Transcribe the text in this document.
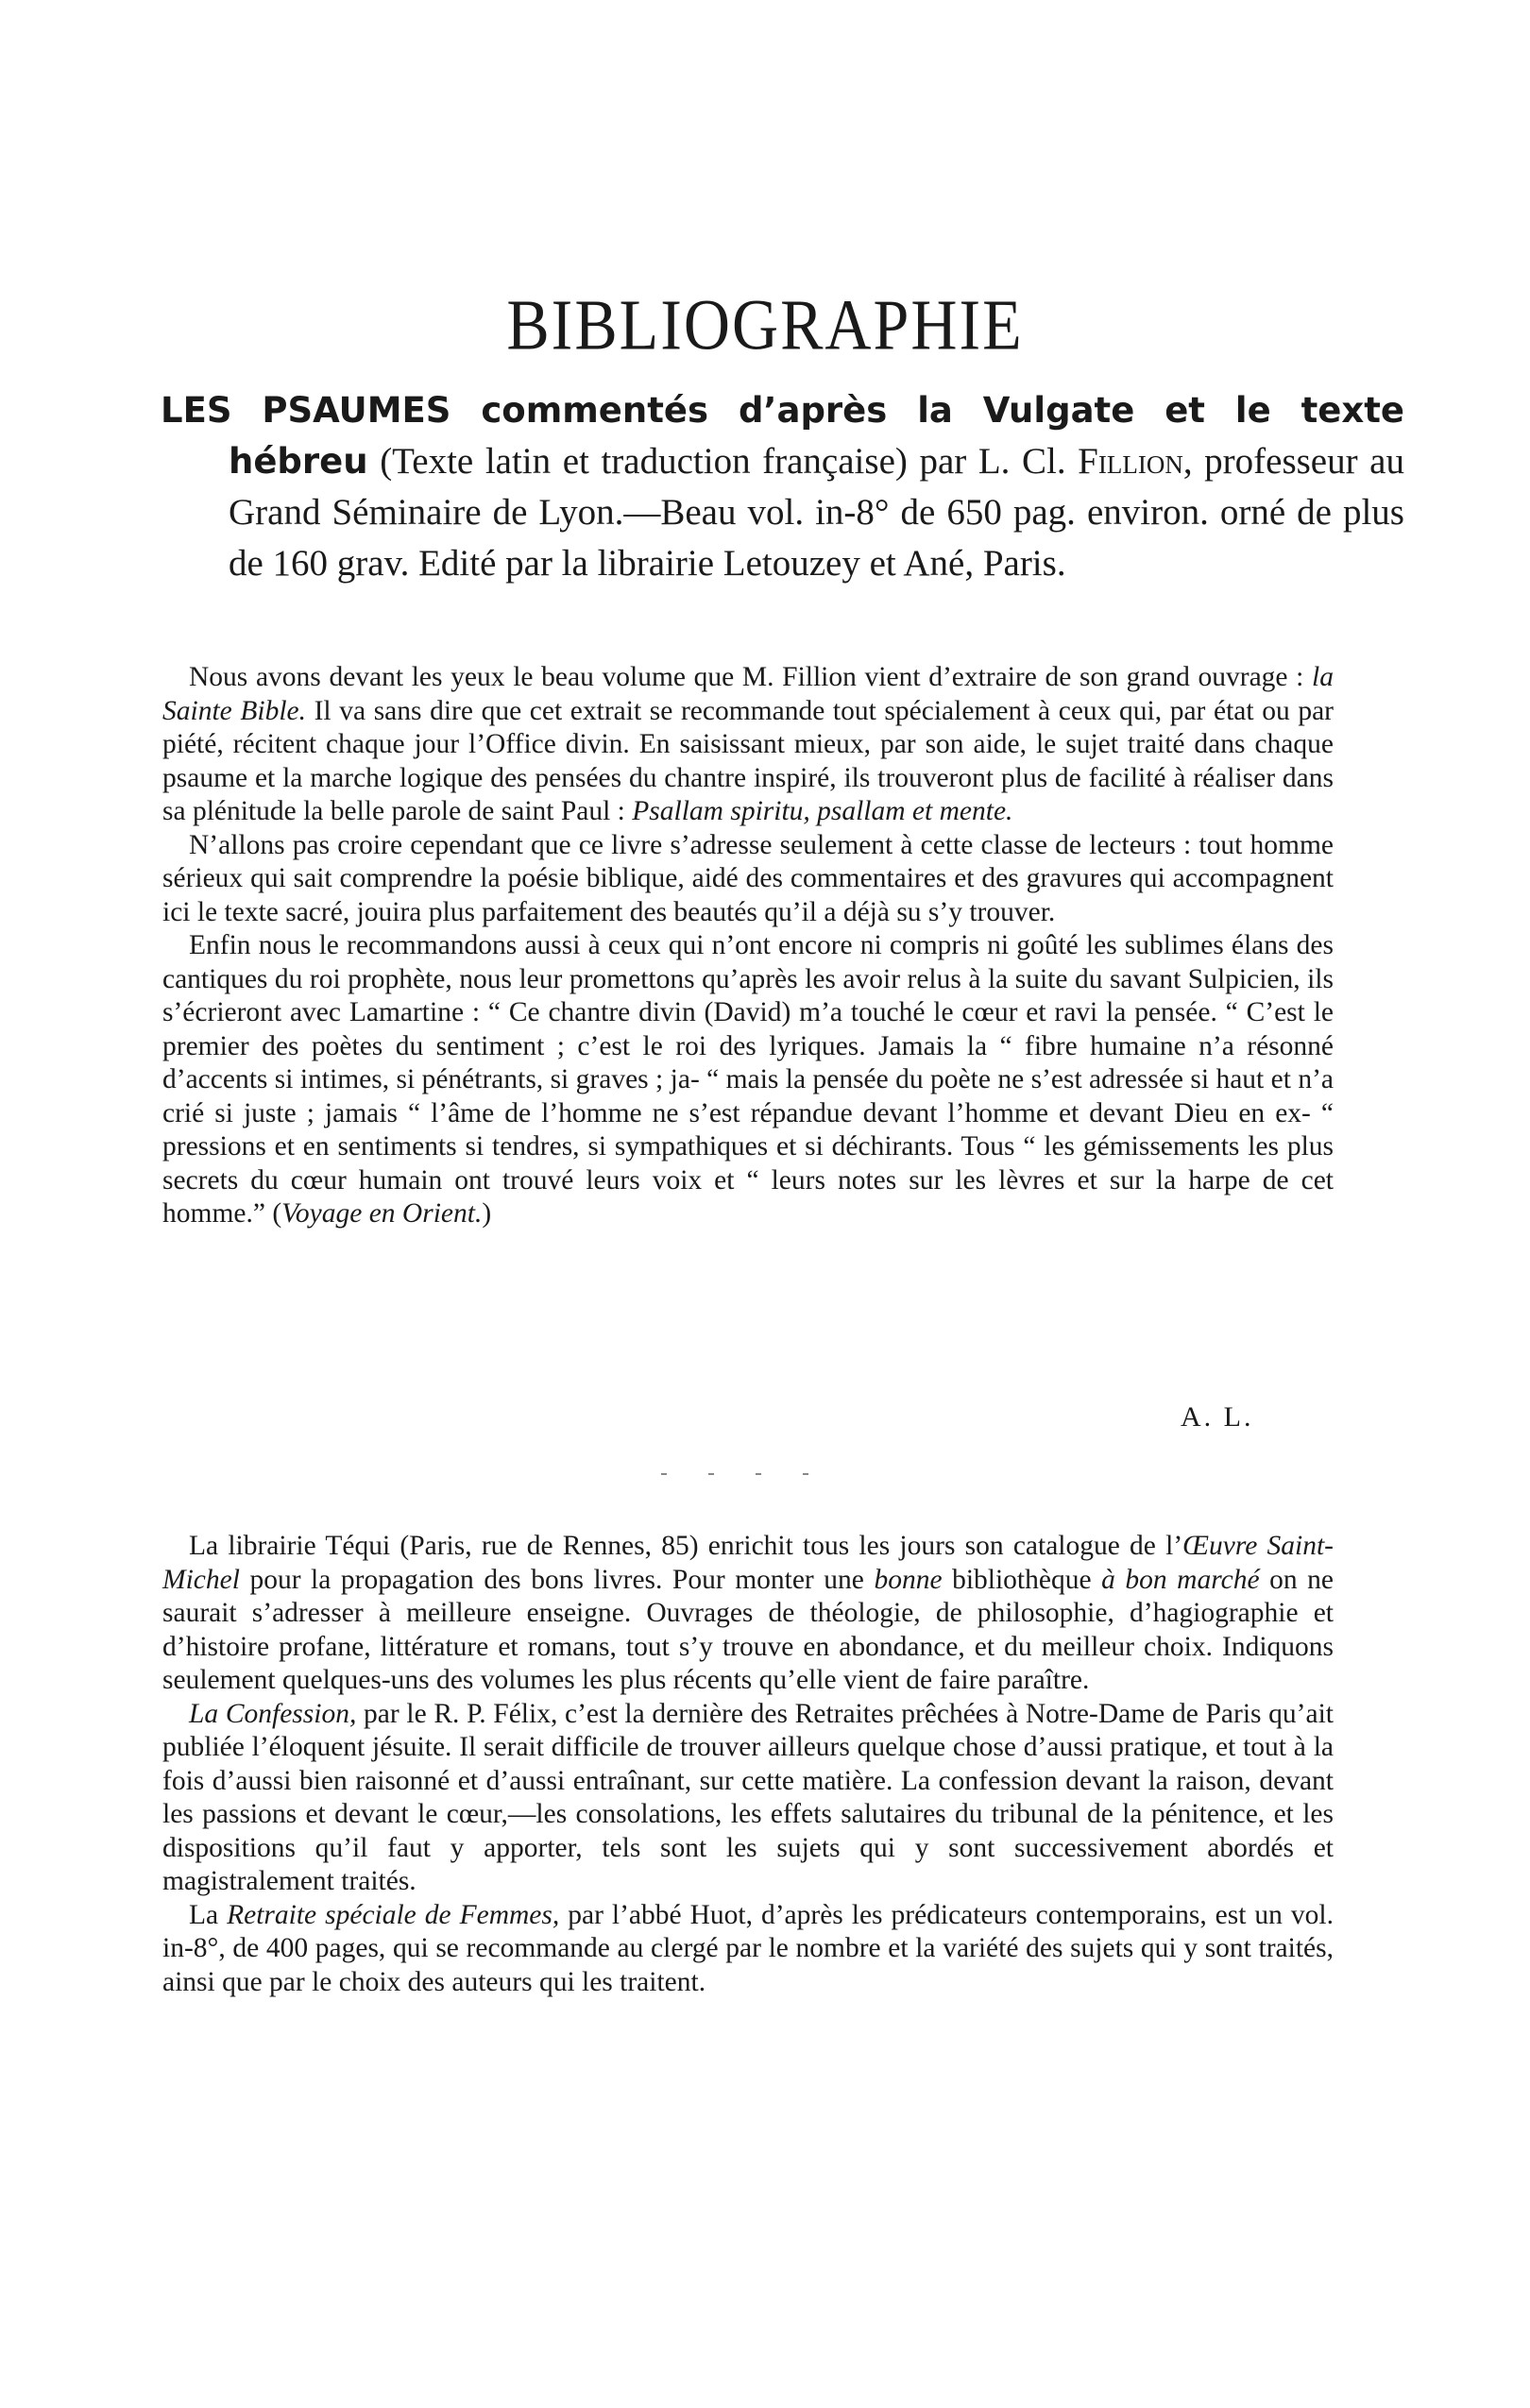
BIBLIOGRAPHIE
LES PSAUMES commentés d’après la Vulgate et le texte hébreu (Texte latin et traduction française) par L. Cl. Fillion, professeur au Grand Séminaire de Lyon.—Beau vol. in-8° de 650 pag. environ. orné de plus de 160 grav. Edité par la librairie Letouzey et Ané, Paris.

Nous avons devant les yeux le beau volume que M. Fillion vient d’extraire de son grand ouvrage : la Sainte Bible. Il va sans dire que cet extrait se recommande tout spécialement à ceux qui, par état ou par piété, récitent chaque jour l’Office divin. En saisissant mieux, par son aide, le sujet traité dans chaque psaume et la marche logique des pensées du chantre inspiré, ils trouveront plus de facilité à réaliser dans sa plénitude la belle parole de saint Paul : Psallam spiritu, psallam et mente.

N’allons pas croire cependant que ce livre s’adresse seulement à cette classe de lecteurs : tout homme sérieux qui sait comprendre la poésie biblique, aidé des commentaires et des gravures qui accompagnent ici le texte sacré, jouira plus parfaitement des beautés qu’il a déjà su s’y trouver.

Enfin nous le recommandons aussi à ceux qui n’ont encore ni compris ni goûté les sublimes élans des cantiques du roi prophète, nous leur promettons qu’après les avoir relus à la suite du savant Sulpicien, ils s’écrieront avec Lamartine : “ Ce chantre divin (David) m’a touché le cœur et ravi la pensée. “ C’est le premier des poètes du sentiment ; c’est le roi des lyriques. Jamais la “ fibre humaine n’a résonné d’accents si intimes, si pénétrants, si graves ; ja- “ mais la pensée du poète ne s’est adressée si haut et n’a crié si juste ; jamais “ l’âme de l’homme ne s’est répandue devant l’homme et devant Dieu en ex- “ pressions et en sentiments si tendres, si sympathiques et si déchirants. Tous “ les gémissements les plus secrets du cœur humain ont trouvé leurs voix et “ leurs notes sur les lèvres et sur la harpe de cet homme.” (Voyage en Orient.)

A. L.

La librairie Téqui (Paris, rue de Rennes, 85) enrichit tous les jours son catalogue de l’Œuvre Saint-Michel pour la propagation des bons livres. Pour monter une bonne bibliothèque à bon marché on ne saurait s’adresser à meilleure enseigne. Ouvrages de théologie, de philosophie, d’hagiographie et d’histoire profane, littérature et romans, tout s’y trouve en abondance, et du meilleur choix. Indiquons seulement quelques-uns des volumes les plus récents qu’elle vient de faire paraître.

La Confession, par le R. P. Félix, c’est la dernière des Retraites prêchées à Notre-Dame de Paris qu’ait publiée l’éloquent jésuite. Il serait difficile de trouver ailleurs quelque chose d’aussi pratique, et tout à la fois d’aussi bien raisonné et d’aussi entraînant, sur cette matière. La confession devant la raison, devant les passions et devant le cœur,—les consolations, les effets salutaires du tribunal de la pénitence, et les dispositions qu’il faut y apporter, tels sont les sujets qui y sont successivement abordés et magistralement traités.

La Retraite spéciale de Femmes, par l’abbé Huot, d’après les prédicateurs contemporains, est un vol. in-8°, de 400 pages, qui se recommande au clergé par le nombre et la variété des sujets qui y sont traités, ainsi que par le choix des auteurs qui les traitent.
